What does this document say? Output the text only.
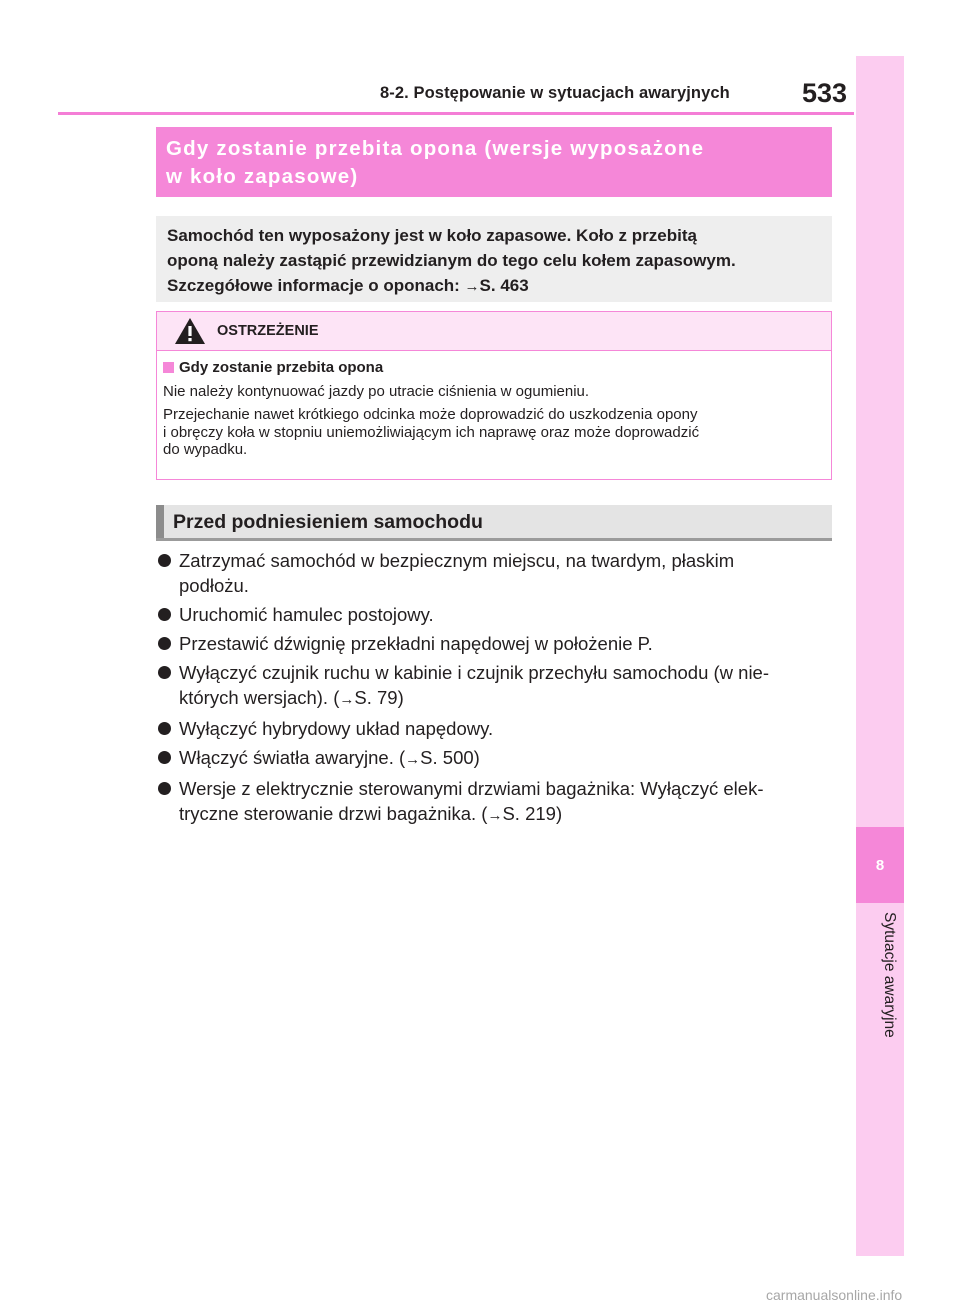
8
Sytuacje awaryjne
8-2. Postępowanie w sytuacjach awaryjnych	533
Gdy zostanie przebita opona (wersje wyposażone
w koło zapasowe)
Samochód ten wyposażony jest w koło zapasowe. Koło z przebitą
oponą należy zastąpić przewidzianym do tego celu kołem zapasowym.
Szczegółowe informacje o oponach: →S. 463
OSTRZEŻENIE
Gdy zostanie przebita opona
Nie należy kontynuować jazdy po utracie ciśnienia w ogumieniu.
Przejechanie nawet krótkiego odcinka może doprowadzić do uszkodzenia opony
i obręczy koła w stopniu uniemożliwiającym ich naprawę oraz może doprowadzić
do wypadku.
Przed podniesieniem samochodu
Zatrzymać samochód w bezpiecznym miejscu, na twardym, płaskim
podłożu.
Uruchomić hamulec postojowy.
Przestawić dźwignię przekładni napędowej w położenie P.
Wyłączyć czujnik ruchu w kabinie i czujnik przechyłu samochodu (w nie-
których wersjach). (→S. 79)
Wyłączyć hybrydowy układ napędowy.
Włączyć światła awaryjne. (→S. 500)
Wersje z elektrycznie sterowanymi drzwiami bagażnika: Wyłączyć elek-
tryczne sterowanie drzwi bagażnika. (→S. 219)
carmanualsonline.info
